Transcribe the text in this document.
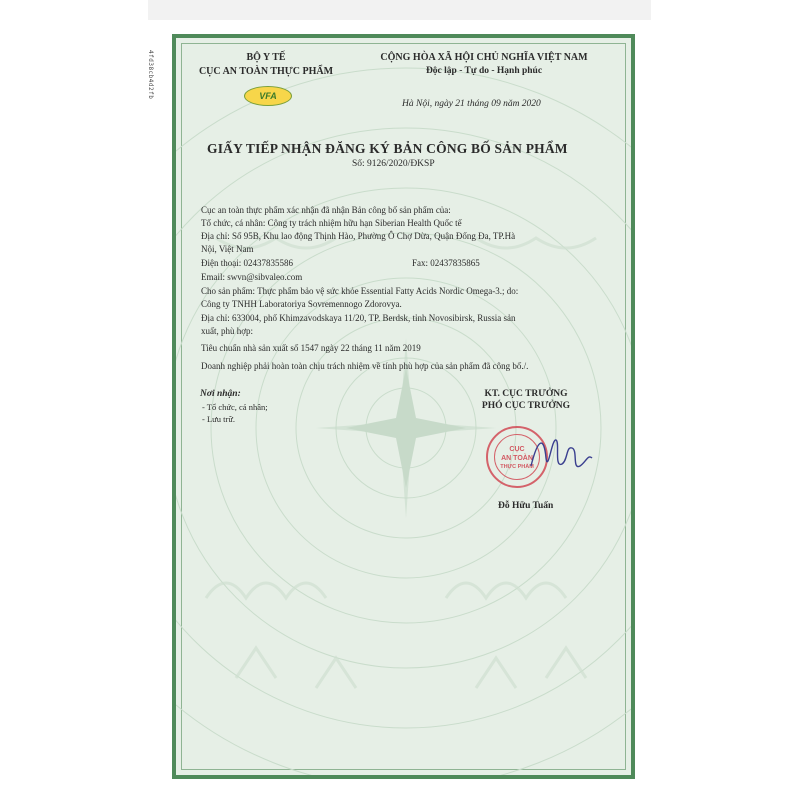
4fd38cb4d2fb	BỘ Y TẾ
CỤC AN TOÀN THỰC PHẨM
VFA
CỘNG HÒA XÃ HỘI CHỦ NGHĨA VIỆT NAM
Độc lập - Tự do - Hạnh phúc
Hà Nội, ngày 21 tháng 09 năm 2020
GIẤY TIẾP NHẬN ĐĂNG KÝ BẢN CÔNG BỐ SẢN PHẨM
Số: 9126/2020/ĐKSP
Cục an toàn thực phẩm xác nhận đã nhận Bản công bố sản phẩm của:
Tổ chức, cá nhân: Công ty trách nhiệm hữu hạn Siberian Health Quốc tế
Địa chỉ: Số 95B, Khu lao động Thịnh Hào, Phường Ô Chợ Dừa, Quận Đống Đa, TP.Hà
Nội, Việt Nam
Điện thoại: 02437835586	Fax: 02437835865
Email: swvn@sibvaleo.com
Cho sản phẩm: Thực phẩm bảo vệ sức khỏe Essential Fatty Acids Nordic Omega-3.; do:
Công ty TNHH Laboratoriya Sovremennogo Zdorovya.
Địa chỉ: 633004, phố Khimzavodskaya 11/20, TP. Berdsk, tỉnh Novosibirsk, Russia sản
xuất, phù hợp:
Tiêu chuẩn nhà sản xuất số 1547 ngày 22 tháng 11 năm 2019
Doanh nghiệp phải hoàn toàn chịu trách nhiệm về tính phù hợp của sản phẩm đã công bố./.
Nơi nhận:
- Tổ chức, cá nhân;
- Lưu trữ.
KT. CỤC TRƯỞNG
PHÓ CỤC TRƯỞNG
CỤC
AN TOÀN
THỰC PHẨM
Đỗ Hữu Tuấn
